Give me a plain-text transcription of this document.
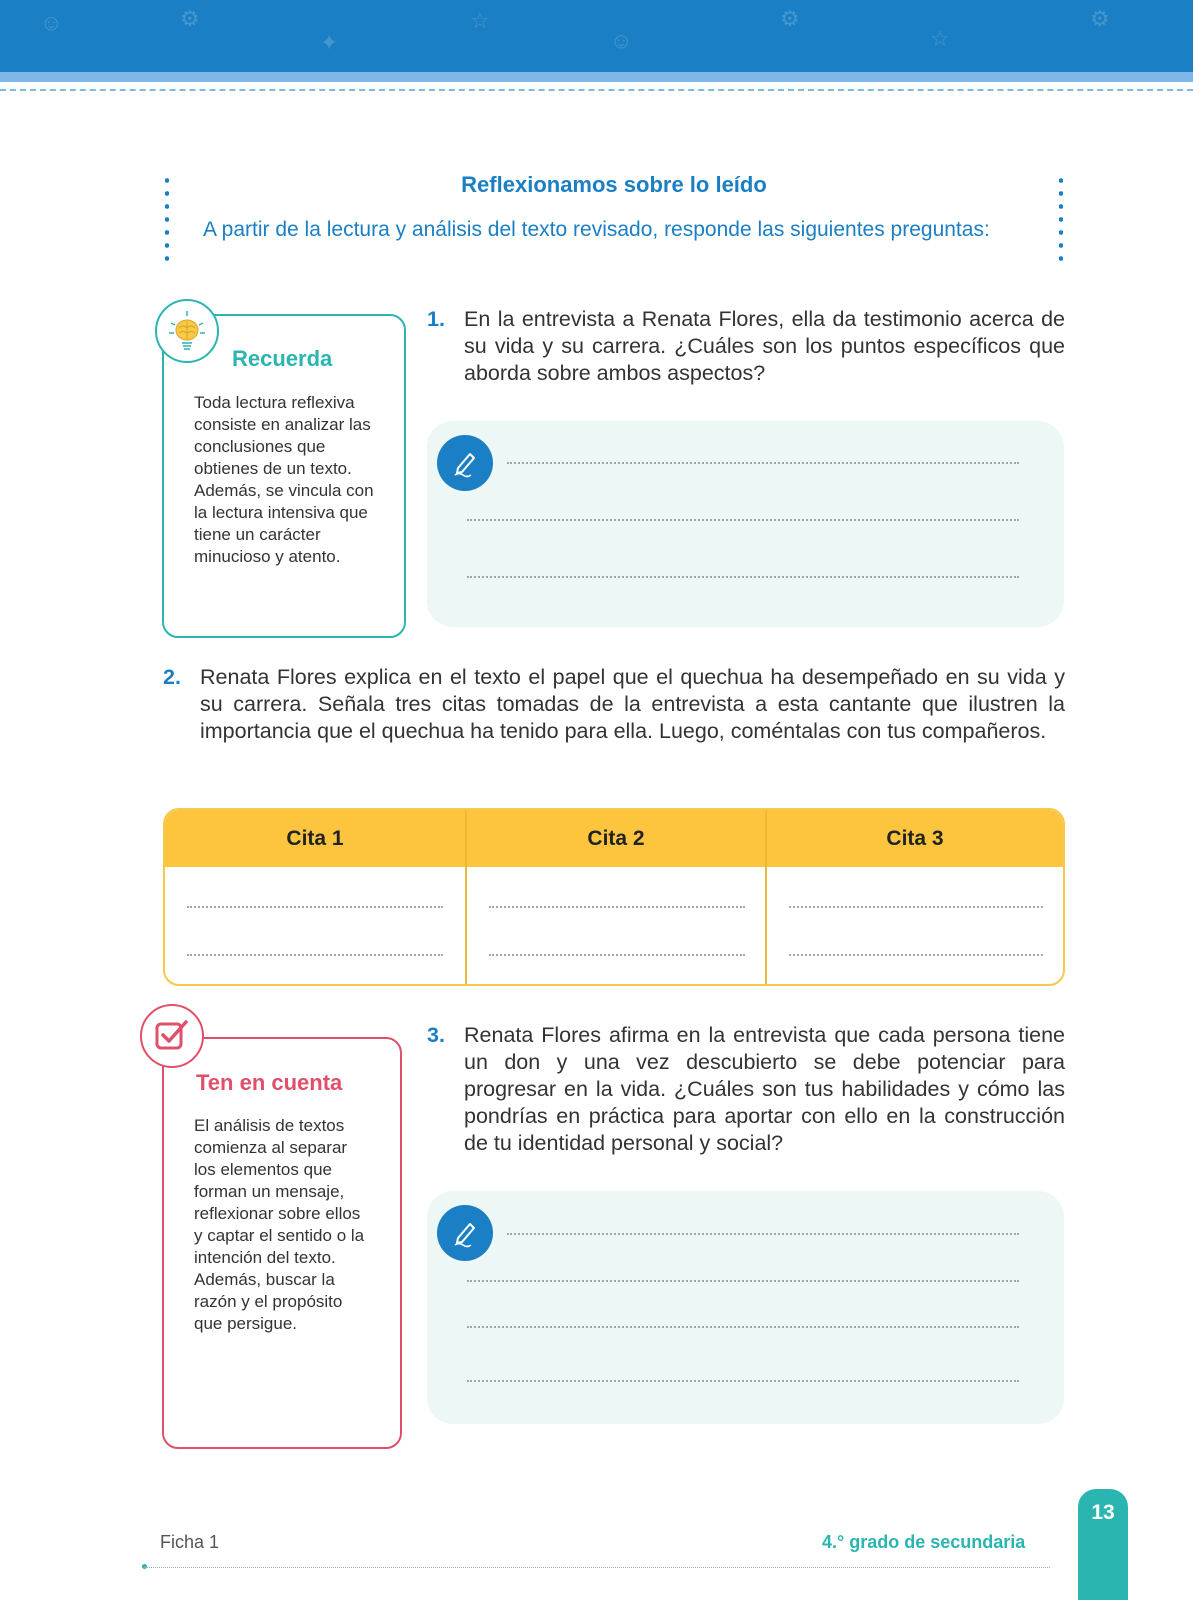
☺	⚙
✦
☆
☺
⚙
☆
⚙
Reflexionamos sobre lo leído
A partir de la lectura y análisis del texto revisado, responde las siguientes preguntas:
Recuerda
Toda lectura reflexiva consiste en analizar las conclusiones que obtienes de un texto. Además, se vincula con la lectura intensiva que tiene un carácter minucioso y atento.
1. En la entrevista a Renata Flores, ella da testimonio acerca de su vida y su carrera. ¿Cuáles son los puntos específicos que aborda sobre ambos aspectos?
2. Renata Flores explica en el texto el papel que el quechua ha desempeñado en su vida y su carrera. Señala tres citas tomadas de la entrevista a esta cantante que ilustren la importancia que el quechua ha tenido para ella. Luego, coméntalas con tus compañeros.
Cita 1	Cita 2	Cita 3
Ten en cuenta
El análisis de textos comienza al separar los elementos que forman un mensaje, reflexionar sobre ellos y captar el sentido o la intención del texto. Además, buscar la razón y el propósito que persigue.
3. Renata Flores afirma en la entrevista que cada persona tiene un don y una vez descubierto se debe potenciar para progresar en la vida. ¿Cuáles son tus habilidades y cómo las pondrías en práctica para aportar con ello en la construcción de tu identidad personal y social?
Ficha 1	4.° grado de secundaria
13
